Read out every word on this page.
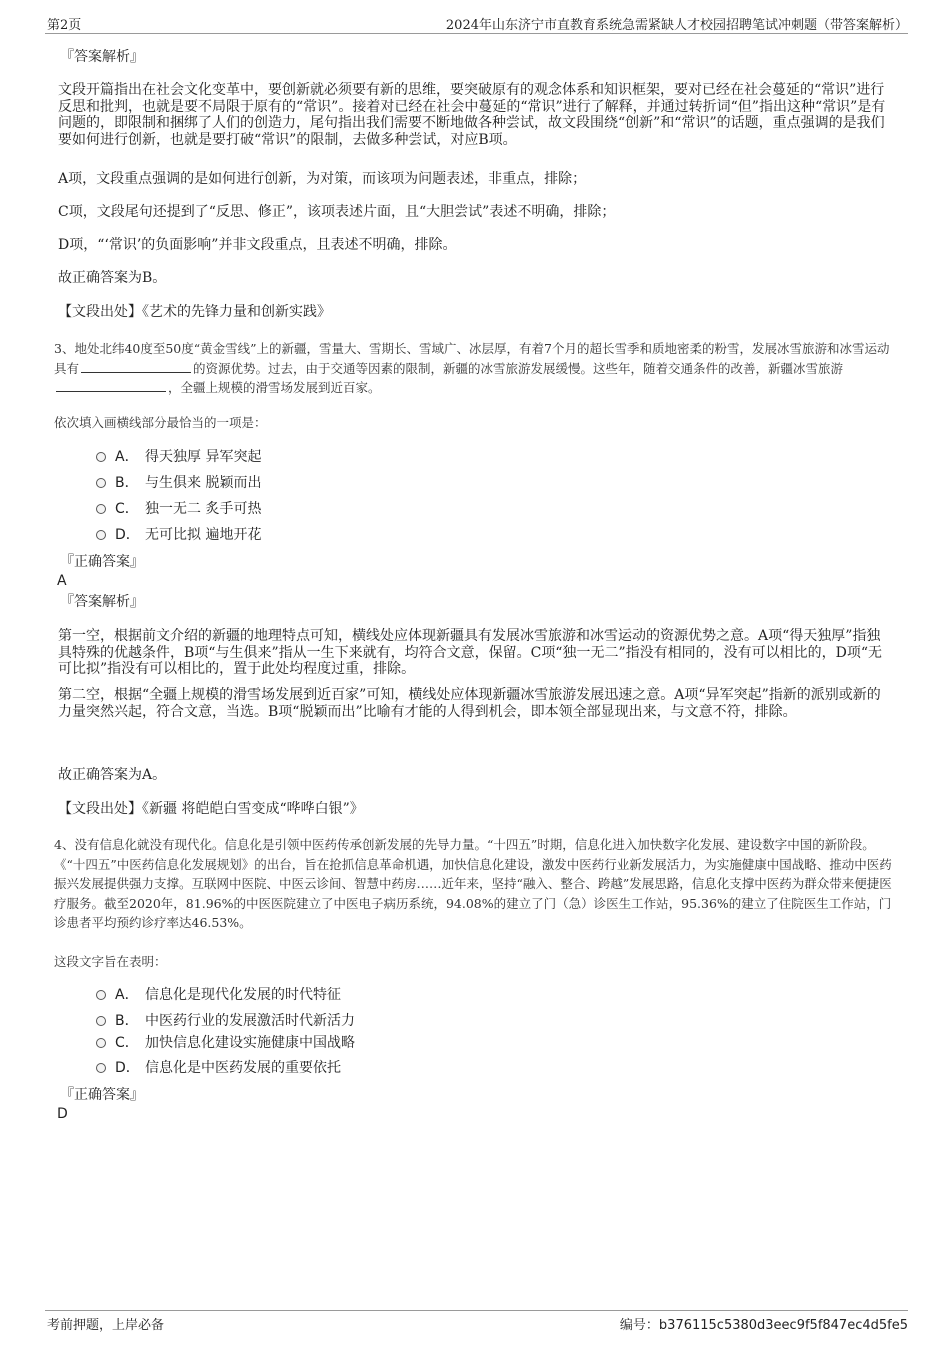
第2页	2024年山东济宁市直教育系统急需紧缺人才校园招聘笔试冲刺题（带答案解析）

『答案解析』

文段开篇指出在社会文化变革中，要创新就必须要有新的思维，要突破原有的观念体系和知识框架，要对已经在社会蔓延的“常识”进行反思和批判，也就是要不局限于原有的“常识”。接着对已经在社会中蔓延的“常识”进行了解释，并通过转折词“但”指出这种“常识”是有问题的，即限制和捆绑了人们的创造力，尾句指出我们需要不断地做各种尝试，故文段围绕“创新”和“常识”的话题，重点强调的是我们要如何进行创新，也就是要打破“常识”的限制，去做多种尝试，对应B项。

A项，文段重点强调的是如何进行创新，为对策，而该项为问题表述，非重点，排除；

C项，文段尾句还提到了“反思、修正”，该项表述片面，且“大胆尝试”表述不明确，排除；

D项，“‘常识’的负面影响”并非文段重点，且表述不明确，排除。

故正确答案为B。

【文段出处】《艺术的先锋力量和创新实践》

3、地处北纬40度至50度“黄金雪线”上的新疆，雪量大、雪期长、雪域广、冰层厚，有着7个月的超长雪季和质地密柔的粉雪，发展冰雪旅游和冰雪运动具有	的资源优势。过去，由于交通等因素的限制，新疆的冰雪旅游发展缓慢。这些年，随着交通条件的改善，新疆冰雪旅游，全疆上规模的滑雪场发展到近百家。

依次填入画横线部分最恰当的一项是：

A． 得天独厚 异军突起
B． 与生俱来 脱颖而出
C． 独一无二 炙手可热
D． 无可比拟 遍地开花

『正确答案』

A

『答案解析』

第一空，根据前文介绍的新疆的地理特点可知，横线处应体现新疆具有发展冰雪旅游和冰雪运动的资源优势之意。A项“得天独厚”指独具特殊的优越条件，B项“与生俱来”指从一生下来就有，均符合文意，保留。C项“独一无二”指没有相同的，没有可以相比的，D项“无可比拟”指没有可以相比的，置于此处均程度过重，排除。

第二空，根据“全疆上规模的滑雪场发展到近百家”可知，横线处应体现新疆冰雪旅游发展迅速之意。A项“异军突起”指新的派别或新的力量突然兴起，符合文意，当选。B项“脱颖而出”比喻有才能的人得到机会，即本领全部显现出来，与文意不符，排除。

故正确答案为A。

【文段出处】《新疆 将皑皑白雪变成“哗哗白银”》

4、没有信息化就没有现代化。信息化是引领中医药传承创新发展的先导力量。“十四五”时期，信息化进入加快数字化发展、建设数字中国的新阶段。《“十四五”中医药信息化发展规划》的出台，旨在抢抓信息革命机遇，加快信息化建设，激发中医药行业新发展活力，为实施健康中国战略、推动中医药振兴发展提供强力支撑。互联网中医院、中医云诊间、智慧中药房……近年来，坚持“融入、整合、跨越”发展思路，信息化支撑中医药为群众带来便捷医疗服务。截至2020年，81.96%的中医医院建立了中医电子病历系统，94.08%的建立了门（急）诊医生工作站，95.36%的建立了住院医生工作站，门诊患者平均预约诊疗率达46.53%。

这段文字旨在表明：

A． 信息化是现代化发展的时代特征
B． 中医药行业的发展激活时代新活力
C． 加快信息化建设实施健康中国战略
D． 信息化是中医药发展的重要依托

『正确答案』

D
考前押题，上岸必备	编号：b376115c5380d3eec9f5f847ec4d5fe5
